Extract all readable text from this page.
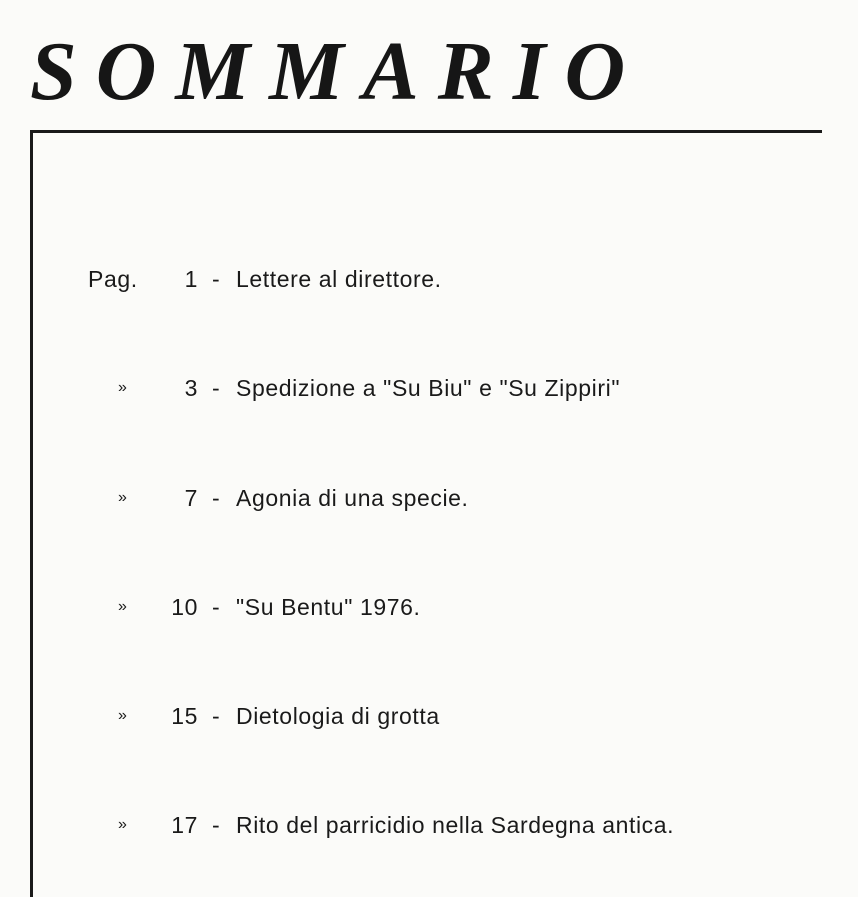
SOMMARIO
Pag. 1 - Lettere al direttore.
» 3 - Spedizione a "Su Biu" e "Su Zippiri"
» 7 - Agonia di una specie.
» 10 - "Su Bentu" 1976.
» 15 - Dietologia di grotta
» 17 - Rito del parricidio nella Sardegna antica.
